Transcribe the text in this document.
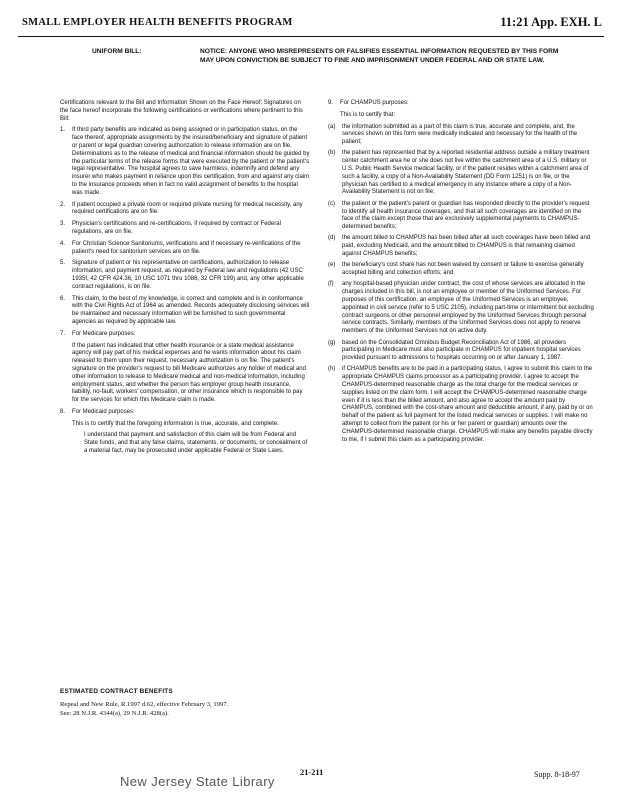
SMALL EMPLOYER HEALTH BENEFITS PROGRAM	11:21 App. EXH. L
UNIFORM BILL:	NOTICE: ANYONE WHO MISREPRESENTS OR FALSIFIES ESSENTIAL INFORMATION REQUESTED BY THIS FORM MAY UPON CONVICTION BE SUBJECT TO FINE AND IMPRISONMENT UNDER FEDERAL AND OR STATE LAW.

Certifications relevant to the Bill and Information Shown on the Face Hereof: Signatures on the face hereof incorporate the following certifications or verifications where pertinent to this Bill:

1. If third party benefits are indicated as being assigned or in participation status, on the face thereof, appropriate assignments by the insured/beneficiary and signature of patient or parent or legal guardian covering authorization to release information are on file. Determinations as to the release of medical and financial information should be guided by the particular terms of the release forms that were executed by the patient or the patient's legal representative. The hospital agrees to save harmless, indemnify and defend any insurer who makes payment in reliance upon this certification, from and against any claim to the insurance proceeds when in fact no valid assignment of benefits to the hospital was made.
2. If patient occupied a private room or required private nursing for medical necessity, any required certifications are on file.
3. Physician's certifications and re-certifications, if required by contract or Federal regulations, are on file.
4. For Christian Science Sanitoriums, verifications and if necessary re-verifications of the patient's need for sanitorium services are on file.
5. Signature of patient or his representative on certifications, authorization to release information, and payment request, as required by Federal law and regulations (42 USC 1935f, 42 CFR 424.36, 10 USC 1071 thru 1086, 32 CFR 199) and, any other applicable contract regulations, is on file.
6. This claim, to the best of my knowledge, is correct and complete and is in conformance with the Civil Rights Act of 1964 as amended. Records adequately disclosing services will be maintained and necessary information will be furnished to such governmental agencies as required by applicable law.
7. For Medicare purposes:

If the patient has indicated that other health insurance or a state medical assistance agency will pay part of his medical expenses and he wants information about his claim released to them upon their request, necessary authorization is on file. The patient's signature on the provider's request to bill Medicare authorizes any holder of medical and other information to release to Medicare medical and non-medical information, including employment status, and whether the person has employer group health insurance, liability, no-fault, workers' compensation, or other insurance which is responsible to pay for the services for which this Medicare claim is made.

8. For Medicaid purposes:

This is to certify that the foregoing information is true, accurate, and complete.

I understand that payment and satisfaction of this claim will be from Federal and State funds, and that any false claims, statements, or documents, or concealment of a material fact, may be prosecuted under applicable Federal or State Laws.

9. For CHAMPUS purposes:

This is to certify that:

(a) the information submitted as a part of this claim is true, accurate and complete, and, the services shown on this form were medically indicated and necessary for the health of the patient;
(b) the patient has represented that by a reported residential address outside a military treatment center catchment area he or she does not live within the catchment area of a U.S. military or U.S. Public Health Service medical facility, or if the patient resides within a catchment area of such a facility, a copy of a Non-Availability Statement (DD Form 1251) is on file, or the physician has certified to a medical emergency in any instance where a copy of a Non-Availability Statement is not on file;
(c) the patient or the patient's parent or guardian has responded directly to the provider's request to identify all health insurance coverages, and that all such coverages are identified on the face of the claim except those that are exclusively supplemental payments to CHAMPUS-determined benefits;
(d) the amount billed to CHAMPUS has been billed after all such coverages have been billed and paid, excluding Medicaid, and the amount billed to CHAMPUS is that remaining claimed against CHAMPUS benefits;
(e) the beneficiary's cost share has not been waived by consent or failure to exercise generally accepted billing and collection efforts; and
(f) any hospital-based physician under contract, the cost of whose services are allocated in the charges included in this bill, is not an employee or member of the Uniformed Services. For purposes of this certification, an employee of the Uniformed Services is an employee, appointed in civil service (refer to 5 USC 2105), including part-time or intermittent but excluding contract surgeons or other personnel employed by the Uniformed Services through personal service contracts. Similarly, members of the Uniformed Services does not apply to reserve members of the Uniformed Services not on active duty.
(g) based on the Consolidated Omnibus Budget Reconciliation Act of 1986, all providers participating in Medicare must also participate in CHAMPUS for inpatient hospital services provided pursuant to admissions to hospitals occurring on or after January 1, 1987.
(h) if CHAMPUS benefits are to be paid in a participating status, I agree to submit this claim to the appropriate CHAMPUS claims processor as a participating provider. I agree to accept the CHAMPUS-determined reasonable charge as the total charge for the medical services or supplies listed on the claim form. I will accept the CHAMPUS-determined reasonable charge even if it is less than the billed amount, and also agree to accept the amount paid by CHAMPUS, combined with the cost-share amount and deductible amount, if any, paid by or on behalf of the patient as full payment for the listed medical services or supplies. I will make no attempt to collect from the patient (or his or her parent or guardian) amounts over the CHAMPUS-determined reasonable charge. CHAMPUS will make any benefits payable directly to me, if I submit this claim as a participating provider.
ESTIMATED CONTRACT BENEFITS
Repeal and New Rule, R.1997 d.62, effective February 3, 1997.
See: 28 N.J.R. 4344(a), 29 N.J.R. 428(a).
New Jersey State Library
21-211	Supp. 8-18-97
